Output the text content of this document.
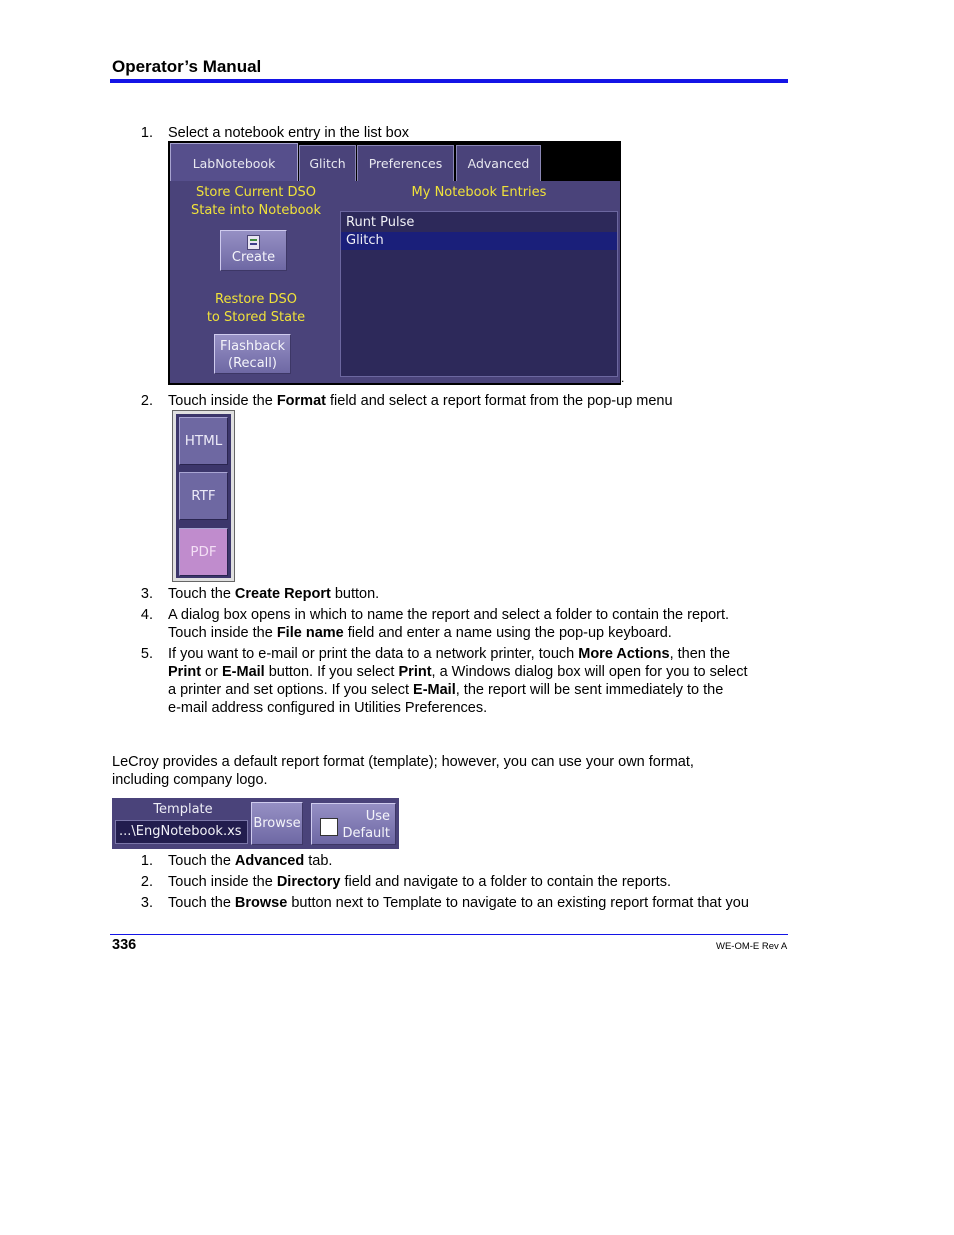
Operator’s Manual
1. Select a notebook entry in the list box
LabNotebook	Glitch	Preferences	Advanced
Store Current DSO
State into Notebook
Create
Restore DSO
to Stored State
Flashback
(Recall)
My Notebook Entries
Runt Pulse
Glitch
.
2. Touch inside the Format field and select a report format from the pop-up menu
HTML
RTF
PDF
3. Touch the Create Report button.
4. A dialog box opens in which to name the report and select a folder to contain the report.
Touch inside the File name field and enter a name using the pop-up keyboard.
5. If you want to e-mail or print the data to a network printer, touch More Actions, then the
Print or E-Mail button. If you select Print, a Windows dialog box will open for you to select
a printer and set options. If you select E-Mail, the report will be sent immediately to the
e-mail address configured in Utilities Preferences.
LeCroy provides a default report format (template); however, you can use your own format,
including company logo.
Template
...\EngNotebook.xs
Browse	Use
Default
1. Touch the Advanced tab.
2. Touch inside the Directory field and navigate to a folder to contain the reports.
3. Touch the Browse button next to Template to navigate to an existing report format that you
336	WE-OM-E Rev A
